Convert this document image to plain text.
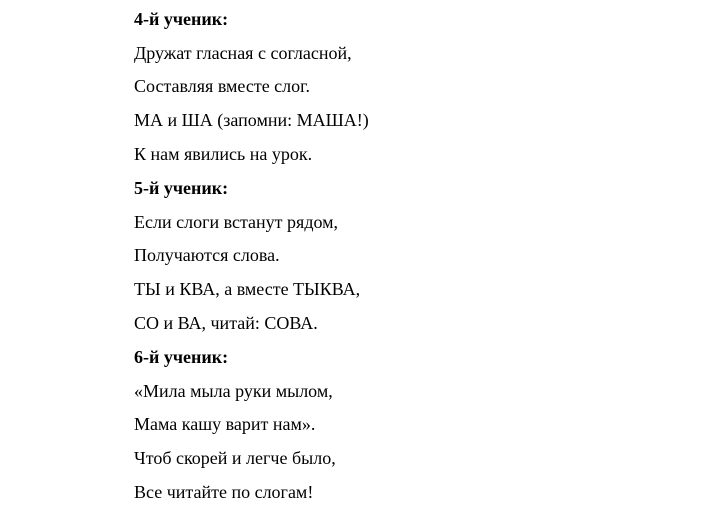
4-й ученик:

Дружат гласная с согласной,

Составляя вместе слог.

МА и ША (запомни: МАША!)

К нам явились на урок.

5-й ученик:

Если слоги встанут рядом,

Получаются слова.

ТЫ и КВА, а вместе ТЫКВА,

СО и ВА, читай: СОВА.

6-й ученик:

«Мила мыла руки мылом,

Мама кашу варит нам».

Чтоб скорей и легче было,

Все читайте по слогам!
